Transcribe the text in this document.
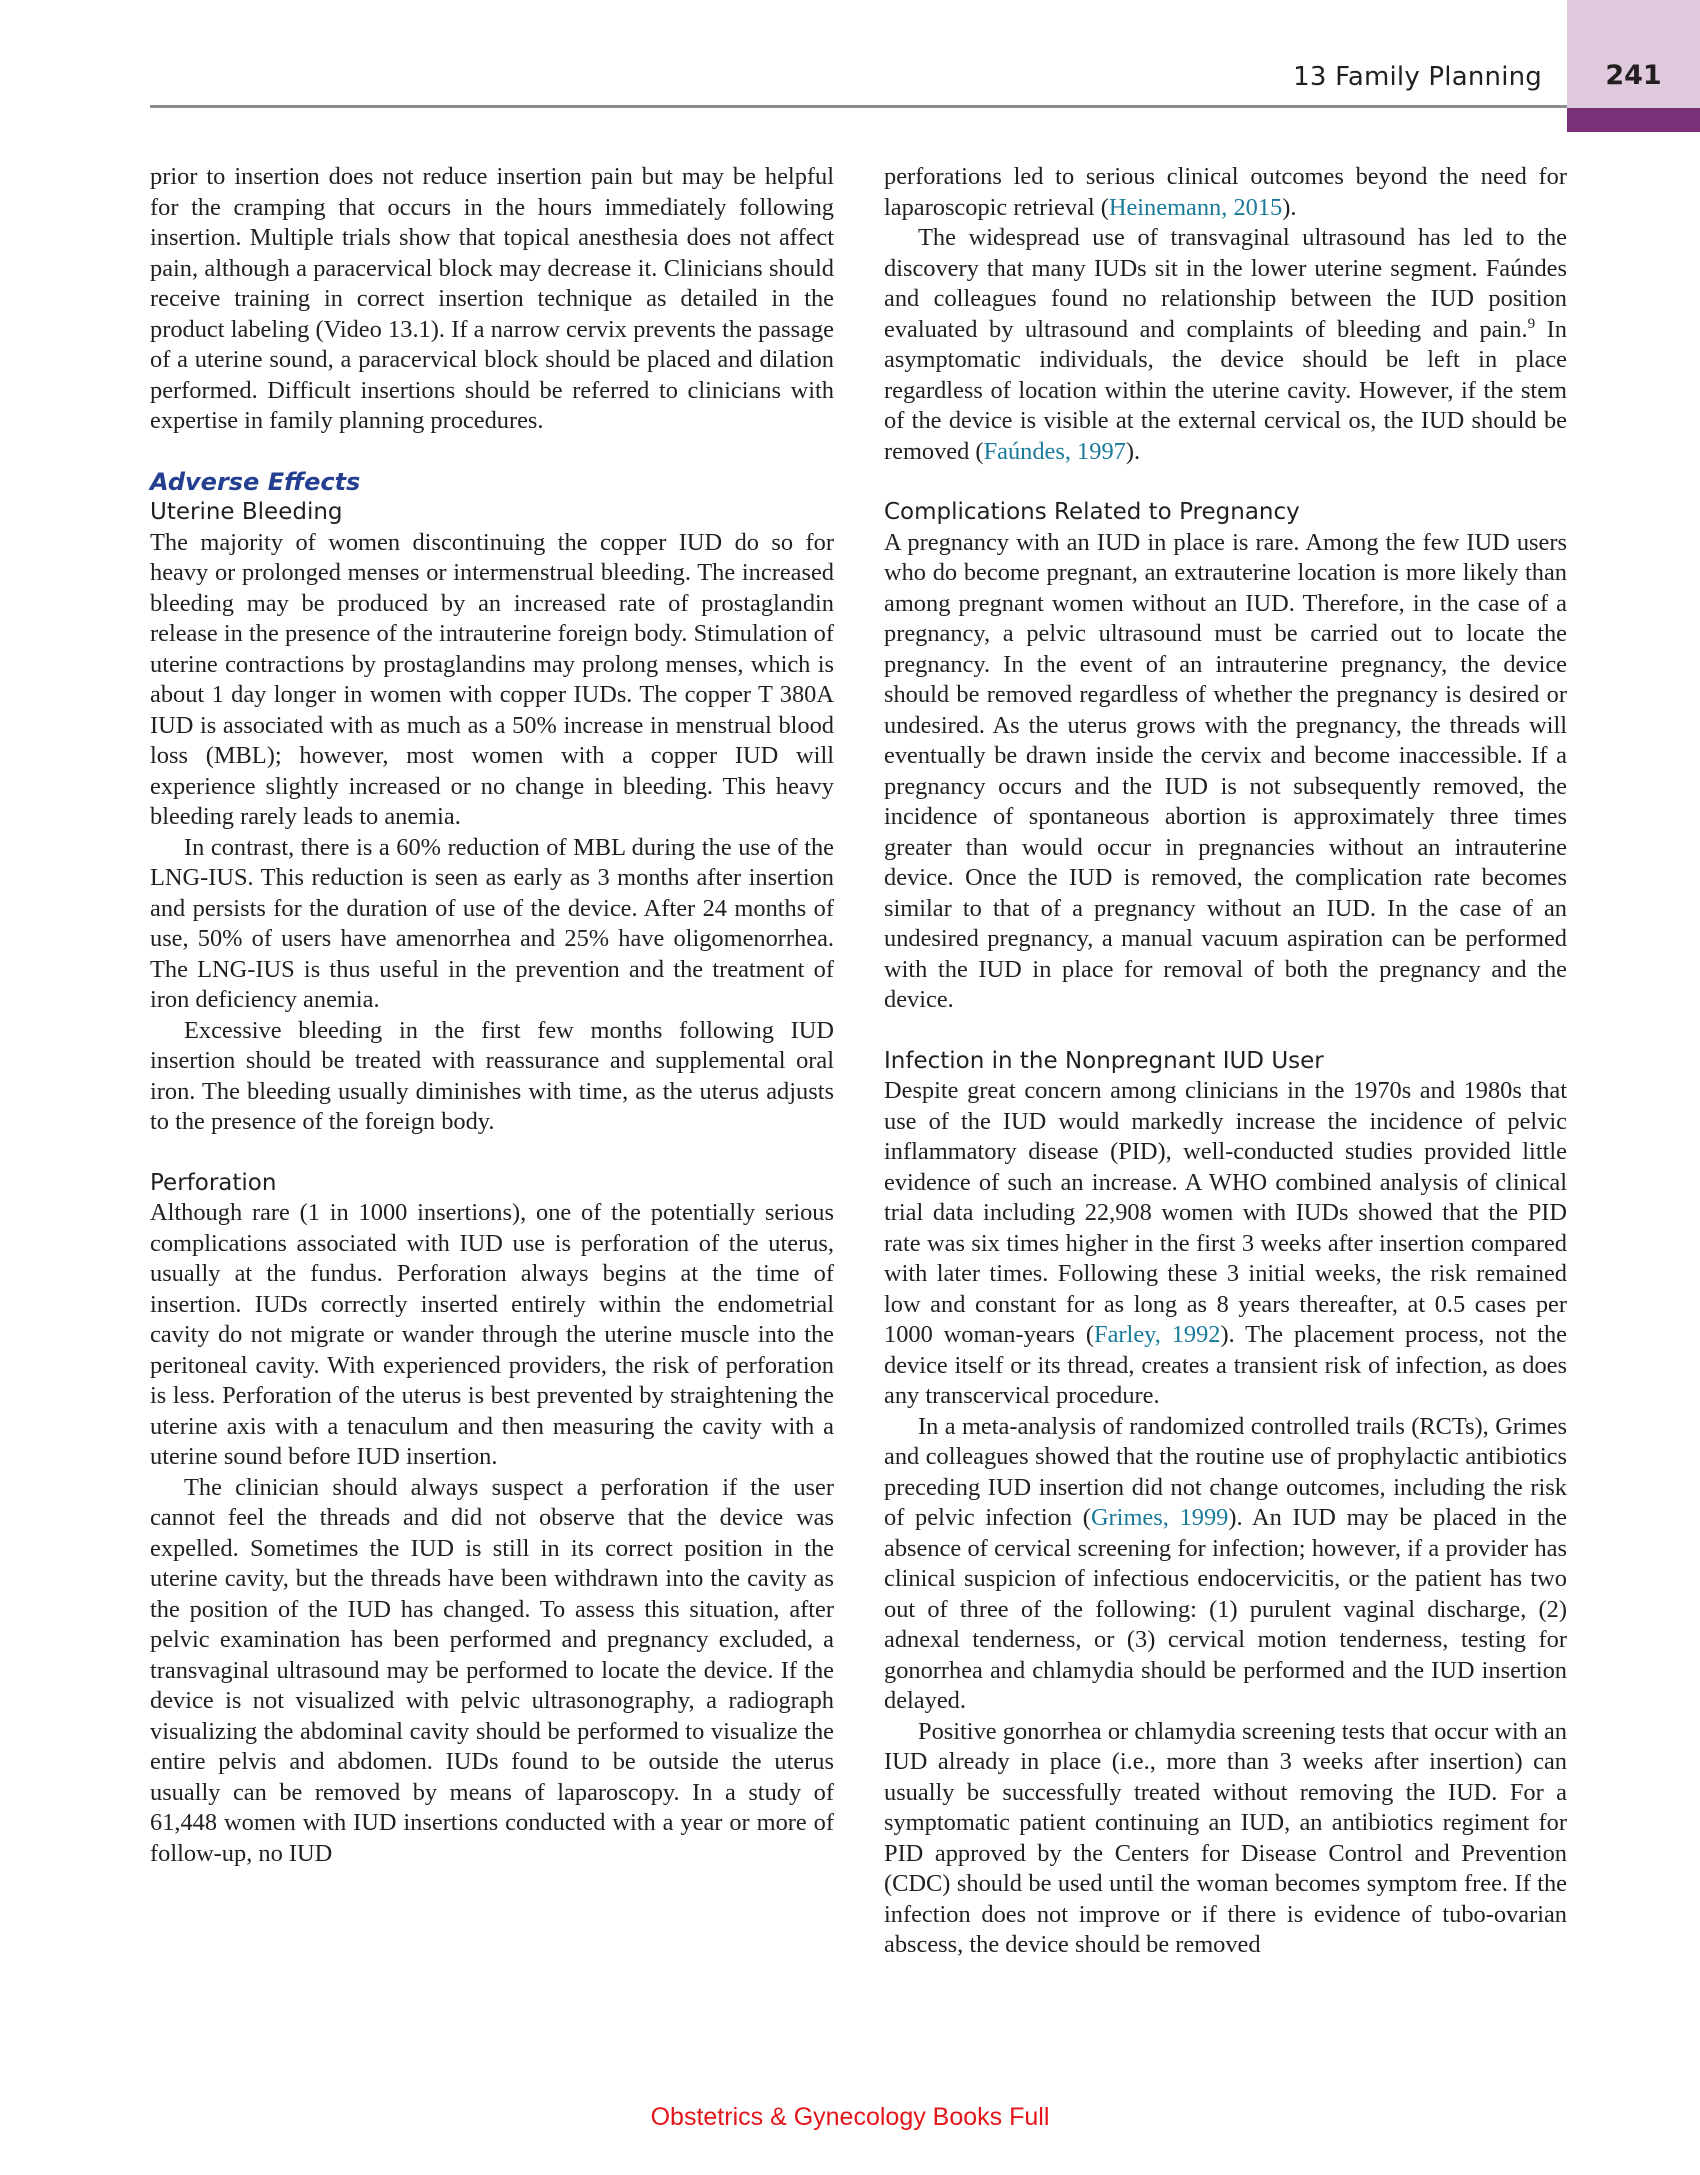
13 Family Planning	241

prior to insertion does not reduce insertion pain but may be helpful for the cramping that occurs in the hours immediately following insertion. Multiple trials show that topical anesthesia does not affect pain, although a paracervical block may decrease it. Clinicians should receive training in correct insertion technique as detailed in the product labeling (Video 13.1). If a narrow cervix prevents the passage of a uterine sound, a paracervical block should be placed and dilation performed. Difficult insertions should be referred to clinicians with expertise in family planning procedures.

Adverse Effects
Uterine Bleeding

The majority of women discontinuing the copper IUD do so for heavy or prolonged menses or intermenstrual bleeding. The increased bleeding may be produced by an increased rate of prostaglandin release in the presence of the intrauterine foreign body. Stimulation of uterine contractions by prostaglandins may prolong menses, which is about 1 day longer in women with copper IUDs. The copper T 380A IUD is associated with as much as a 50% increase in menstrual blood loss (MBL); however, most women with a copper IUD will experience slightly increased or no change in bleeding. This heavy bleeding rarely leads to anemia.

In contrast, there is a 60% reduction of MBL during the use of the LNG-IUS. This reduction is seen as early as 3 months after insertion and persists for the duration of use of the device. After 24 months of use, 50% of users have amenorrhea and 25% have oligomenorrhea. The LNG-IUS is thus useful in the prevention and the treatment of iron deficiency anemia.

Excessive bleeding in the first few months following IUD insertion should be treated with reassurance and supplemental oral iron. The bleeding usually diminishes with time, as the uterus adjusts to the presence of the foreign body.

Perforation

Although rare (1 in 1000 insertions), one of the potentially serious complications associated with IUD use is perforation of the uterus, usually at the fundus. Perforation always begins at the time of insertion. IUDs correctly inserted entirely within the endometrial cavity do not migrate or wander through the uterine muscle into the peritoneal cavity. With experienced providers, the risk of perforation is less. Perforation of the uterus is best prevented by straightening the uterine axis with a tenaculum and then measuring the cavity with a uterine sound before IUD insertion.

The clinician should always suspect a perforation if the user cannot feel the threads and did not observe that the device was expelled. Sometimes the IUD is still in its correct position in the uterine cavity, but the threads have been withdrawn into the cavity as the position of the IUD has changed. To assess this situation, after pelvic examination has been performed and pregnancy excluded, a transvaginal ultrasound may be performed to locate the device. If the device is not visualized with pelvic ultrasonography, a radiograph visualizing the abdominal cavity should be performed to visualize the entire pelvis and abdomen. IUDs found to be outside the uterus usually can be removed by means of laparoscopy. In a study of 61,448 women with IUD insertions conducted with a year or more of follow-up, no IUD

perforations led to serious clinical outcomes beyond the need for laparoscopic retrieval (Heinemann, 2015).

The widespread use of transvaginal ultrasound has led to the discovery that many IUDs sit in the lower uterine segment. Faúndes and colleagues found no relationship between the IUD position evaluated by ultrasound and complaints of bleeding and pain.$^9$ In asymptomatic individuals, the device should be left in place regardless of location within the uterine cavity. However, if the stem of the device is visible at the external cervical os, the IUD should be removed (Faúndes, 1997).

Complications Related to Pregnancy

A pregnancy with an IUD in place is rare. Among the few IUD users who do become pregnant, an extrauterine location is more likely than among pregnant women without an IUD. Therefore, in the case of a pregnancy, a pelvic ultrasound must be carried out to locate the pregnancy. In the event of an intrauterine pregnancy, the device should be removed regardless of whether the pregnancy is desired or undesired. As the uterus grows with the pregnancy, the threads will eventually be drawn inside the cervix and become inaccessible. If a pregnancy occurs and the IUD is not subsequently removed, the incidence of spontaneous abortion is approximately three times greater than would occur in pregnancies without an intrauterine device. Once the IUD is removed, the complication rate becomes similar to that of a pregnancy without an IUD. In the case of an undesired pregnancy, a manual vacuum aspiration can be performed with the IUD in place for removal of both the pregnancy and the device.

Infection in the Nonpregnant IUD User

Despite great concern among clinicians in the 1970s and 1980s that use of the IUD would markedly increase the incidence of pelvic inflammatory disease (PID), well-conducted studies provided little evidence of such an increase. A WHO combined analysis of clinical trial data including 22,908 women with IUDs showed that the PID rate was six times higher in the first 3 weeks after insertion compared with later times. Following these 3 initial weeks, the risk remained low and constant for as long as 8 years thereafter, at 0.5 cases per 1000 woman-years (Farley, 1992). The placement process, not the device itself or its thread, creates a transient risk of infection, as does any transcervical procedure.

In a meta-analysis of randomized controlled trails (RCTs), Grimes and colleagues showed that the routine use of prophylactic antibiotics preceding IUD insertion did not change outcomes, including the risk of pelvic infection (Grimes, 1999). An IUD may be placed in the absence of cervical screening for infection; however, if a provider has clinical suspicion of infectious endocervicitis, or the patient has two out of three of the following: (1) purulent vaginal discharge, (2) adnexal tenderness, or (3) cervical motion tenderness, testing for gonorrhea and chlamydia should be performed and the IUD insertion delayed.

Positive gonorrhea or chlamydia screening tests that occur with an IUD already in place (i.e., more than 3 weeks after insertion) can usually be successfully treated without removing the IUD. For a symptomatic patient continuing an IUD, an antibiotics regiment for PID approved by the Centers for Disease Control and Prevention (CDC) should be used until the woman becomes symptom free. If the infection does not improve or if there is evidence of tubo-ovarian abscess, the device should be removed

Obstetrics & Gynecology Books Full
